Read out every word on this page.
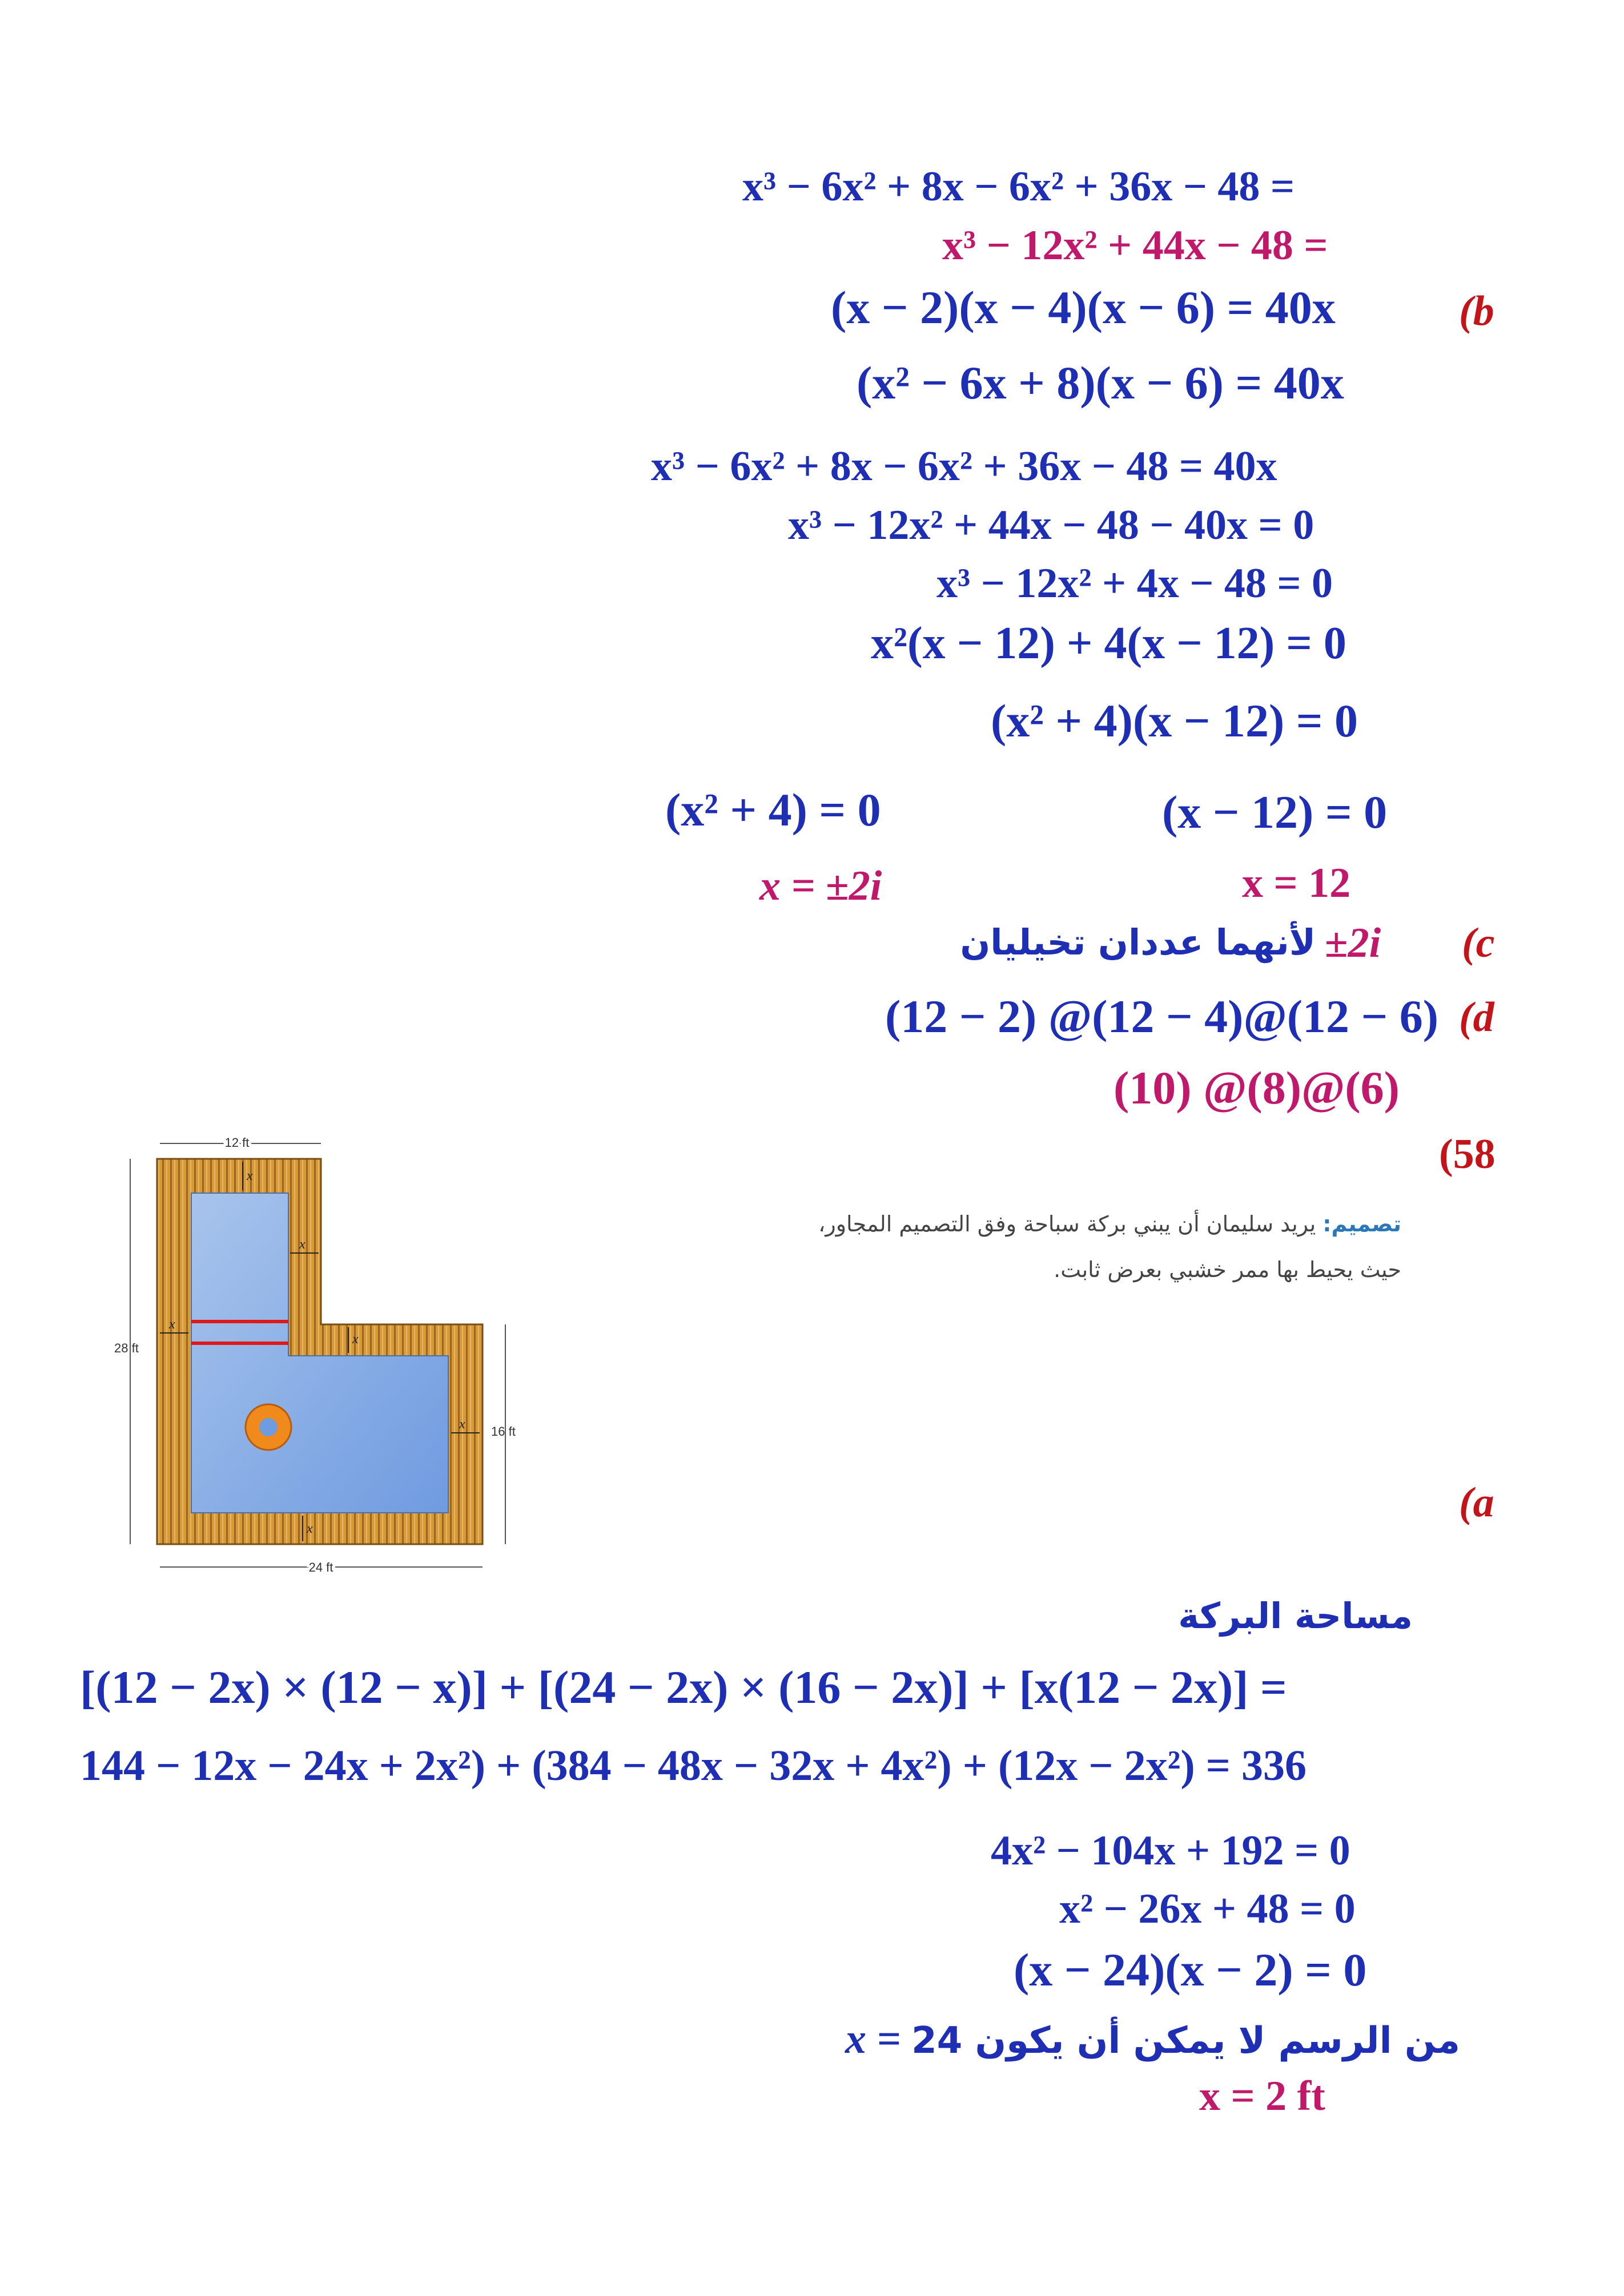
x³ − 6x² + 8x − 6x² + 36x − 48 =
x³ − 12x² + 44x − 48 =
(x − 2)(x − 4)(x − 6) = 40x	(b
(x² − 6x + 8)(x − 6) = 40x
x³ − 6x² + 8x − 6x² + 36x − 48 = 40x
x³ − 12x² + 44x − 48 − 40x = 0
x³ − 12x² + 4x − 48 = 0
x²(x − 12) + 4(x − 12) = 0
(x² + 4)(x − 12) = 0
(x² + 4) = 0	(x − 12) = 0
x = ±2i	x = 12
(c
±2i
لأنهما عددان تخيليان
(d
(12 − 2) @(12 − 4)@(12 − 6)
(10) @(8)@(6)
(58
تصميم: يريد سليمان أن يبني بركة سباحة وفق التصميم المجاور،
حيث يحيط بها ممر خشبي بعرض ثابت.
12 ft
28 ft
16 ft
24 ft
x
x
x
x
x
x
(a
مساحة البركة
[(12 − 2x) × (12 − x)] + [(24 − 2x) × (16 − 2x)] + [x(12 − 2x)] =
144 − 12x − 24x + 2x²) + (384 − 48x − 32x + 4x²) + (12x − 2x²) = 336
4x² − 104x + 192 = 0
x² − 26x + 48 = 0
(x − 24)(x − 2) = 0
x = من الرسم لا يمكن أن يكون 24
x = 2 ft
